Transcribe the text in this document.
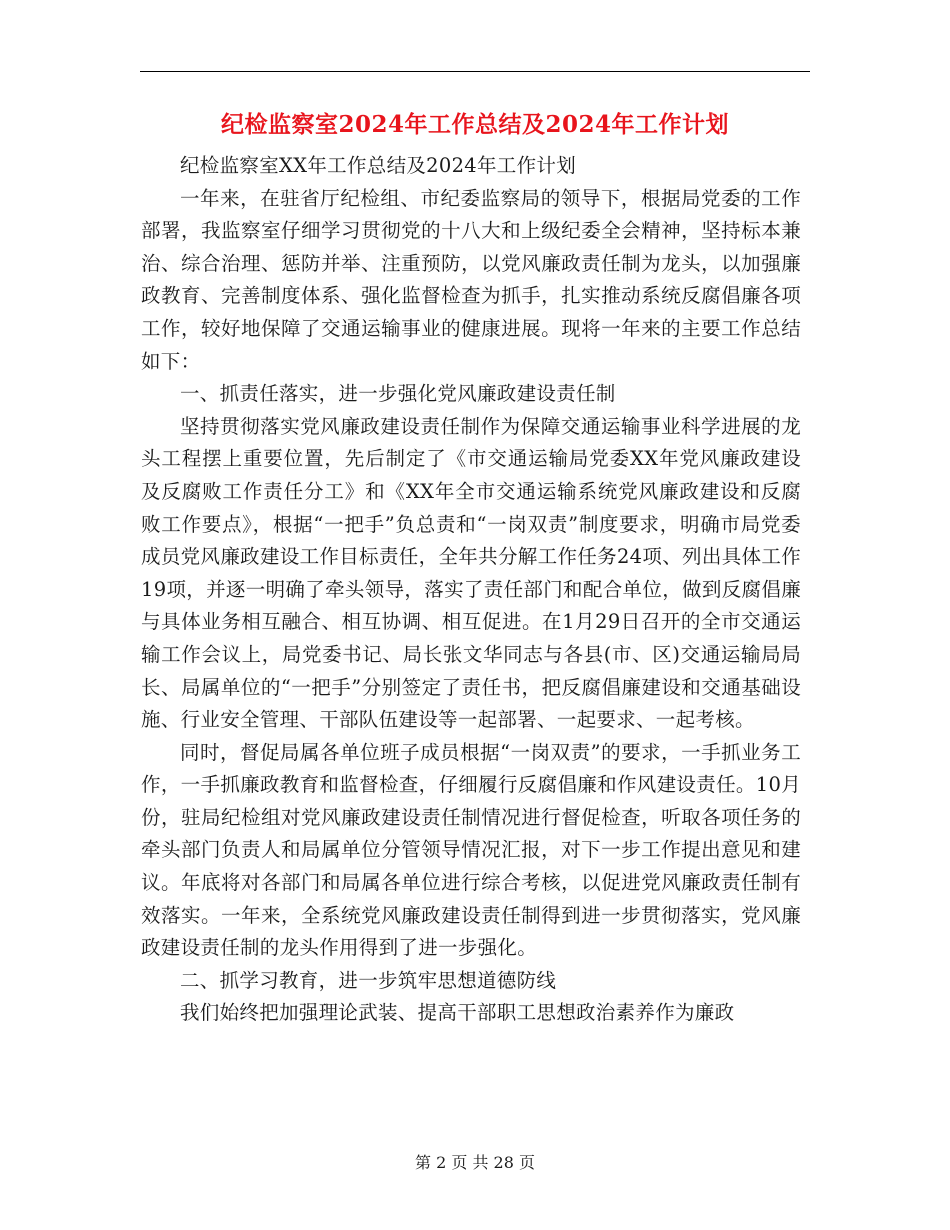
纪检监察室2024年工作总结及2024年工作计划

纪检监察室XX年工作总结及2024年工作计划

一年来，在驻省厅纪检组、市纪委监察局的领导下，根据局党委的工作部署，我监察室仔细学习贯彻党的十八大和上级纪委全会精神，坚持标本兼治、综合治理、惩防并举、注重预防，以党风廉政责任制为龙头，以加强廉政教育、完善制度体系、强化监督检查为抓手，扎实推动系统反腐倡廉各项工作，较好地保障了交通运输事业的健康进展。现将一年来的主要工作总结如下：

一、抓责任落实，进一步强化党风廉政建设责任制

坚持贯彻落实党风廉政建设责任制作为保障交通运输事业科学进展的龙头工程摆上重要位置，先后制定了《市交通运输局党委XX年党风廉政建设及反腐败工作责任分工》和《XX年全市交通运输系统党风廉政建设和反腐败工作要点》，根据“一把手”负总责和“一岗双责”制度要求，明确市局党委成员党风廉政建设工作目标责任，全年共分解工作任务24项、列出具体工作19项，并逐一明确了牵头领导，落实了责任部门和配合单位，做到反腐倡廉与具体业务相互融合、相互协调、相互促进。在1月29日召开的全市交通运输工作会议上，局党委书记、局长张文华同志与各县(市、区)交通运输局局长、局属单位的“一把手”分别签定了责任书，把反腐倡廉建设和交通基础设施、行业安全管理、干部队伍建设等一起部署、一起要求、一起考核。

同时，督促局属各单位班子成员根据“一岗双责”的要求，一手抓业务工作，一手抓廉政教育和监督检查，仔细履行反腐倡廉和作风建设责任。10月份，驻局纪检组对党风廉政建设责任制情况进行督促检查，听取各项任务的牵头部门负责人和局属单位分管领导情况汇报，对下一步工作提出意见和建议。年底将对各部门和局属各单位进行综合考核，以促进党风廉政责任制有效落实。一年来，全系统党风廉政建设责任制得到进一步贯彻落实，党风廉政建设责任制的龙头作用得到了进一步强化。

二、抓学习教育，进一步筑牢思想道德防线

我们始终把加强理论武装、提高干部职工思想政治素养作为廉政

第 2 页 共 28 页
